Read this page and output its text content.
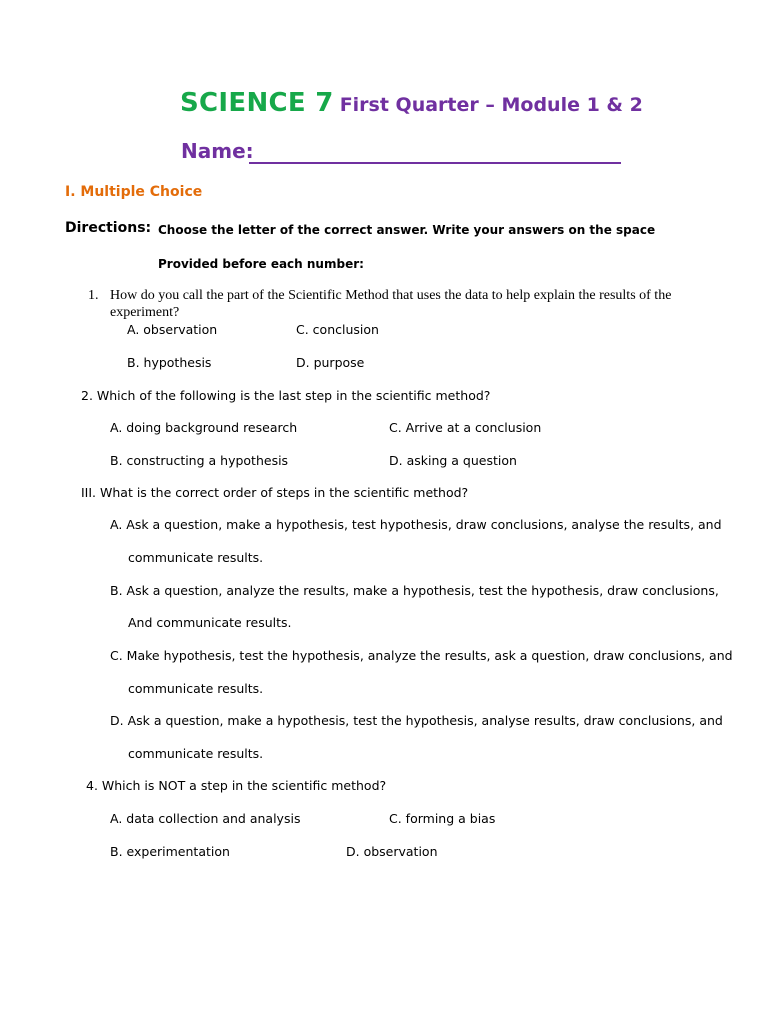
SCIENCE 7 First Quarter – Module 1 & 2
Name:
I. Multiple Choice
Directions: Choose the letter of the correct answer. Write your answers on the space
Provided before each number:
1. How do you call the part of the Scientific Method that uses the data to help explain the results of the
experiment?
A. observation	C. conclusion
B. hypothesis	D. purpose
2. Which of the following is the last step in the scientific method?
A. doing background research	C. Arrive at a conclusion
B. constructing a hypothesis	D. asking a question
III. What is the correct order of steps in the scientific method?
A. Ask a question, make a hypothesis, test hypothesis, draw conclusions, analyse the results, and
communicate results.
B. Ask a question, analyze the results, make a hypothesis, test the hypothesis, draw conclusions,
And communicate results.
C. Make hypothesis, test the hypothesis, analyze the results, ask a question, draw conclusions, and
communicate results.
D. Ask a question, make a hypothesis, test the hypothesis, analyse results, draw conclusions, and
communicate results.
4. Which is NOT a step in the scientific method?
A. data collection and analysis	C. forming a bias
B. experimentation	D. observation
